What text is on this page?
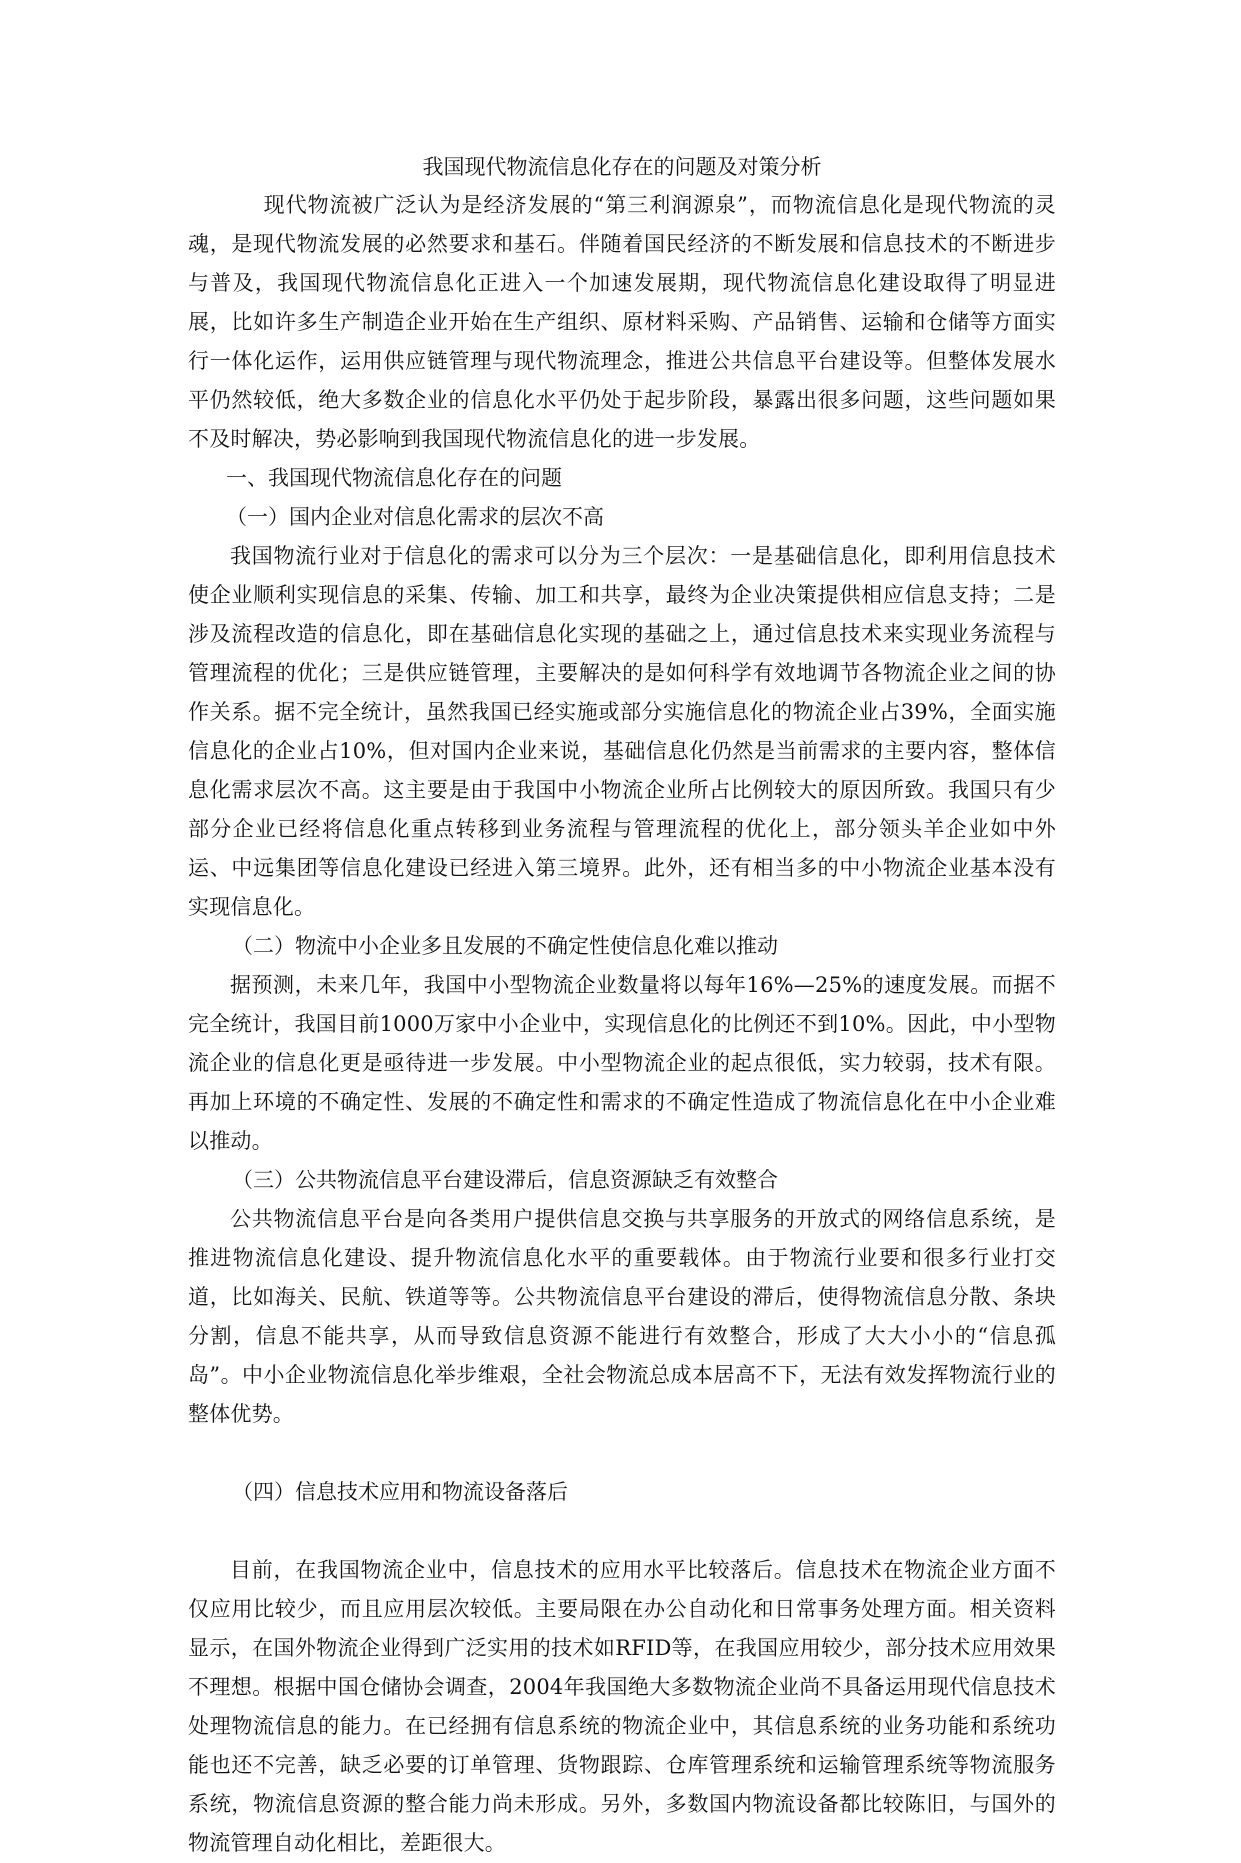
我国现代物流信息化存在的问题及对策分析

现代物流被广泛认为是经济发展的“第三利润源泉”，而物流信息化是现代物流的灵魂，是现代物流发展的必然要求和基石。伴随着国民经济的不断发展和信息技术的不断进步与普及，我国现代物流信息化正进入一个加速发展期，现代物流信息化建设取得了明显进展，比如许多生产制造企业开始在生产组织、原材料采购、产品销售、运输和仓储等方面实行一体化运作，运用供应链管理与现代物流理念，推进公共信息平台建设等。但整体发展水平仍然较低，绝大多数企业的信息化水平仍处于起步阶段，暴露出很多问题，这些问题如果不及时解决，势必影响到我国现代物流信息化的进一步发展。

一、我国现代物流信息化存在的问题

（一）国内企业对信息化需求的层次不高

我国物流行业对于信息化的需求可以分为三个层次：一是基础信息化，即利用信息技术使企业顺利实现信息的采集、传输、加工和共享，最终为企业决策提供相应信息支持；二是涉及流程改造的信息化，即在基础信息化实现的基础之上，通过信息技术来实现业务流程与管理流程的优化；三是供应链管理，主要解决的是如何科学有效地调节各物流企业之间的协作关系。据不完全统计，虽然我国已经实施或部分实施信息化的物流企业占39%，全面实施信息化的企业占10%，但对国内企业来说，基础信息化仍然是当前需求的主要内容，整体信息化需求层次不高。这主要是由于我国中小物流企业所占比例较大的原因所致。我国只有少部分企业已经将信息化重点转移到业务流程与管理流程的优化上，部分领头羊企业如中外运、中远集团等信息化建设已经进入第三境界。此外，还有相当多的中小物流企业基本没有实现信息化。

（二）物流中小企业多且发展的不确定性使信息化难以推动

据预测，未来几年，我国中小型物流企业数量将以每年16%—25%的速度发展。而据不完全统计，我国目前1000万家中小企业中，实现信息化的比例还不到10%。因此，中小型物流企业的信息化更是亟待进一步发展。中小型物流企业的起点很低，实力较弱，技术有限。再加上环境的不确定性、发展的不确定性和需求的不确定性造成了物流信息化在中小企业难以推动。

（三）公共物流信息平台建设滞后，信息资源缺乏有效整合

公共物流信息平台是向各类用户提供信息交换与共享服务的开放式的网络信息系统，是推进物流信息化建设、提升物流信息化水平的重要载体。由于物流行业要和很多行业打交道，比如海关、民航、铁道等等。公共物流信息平台建设的滞后，使得物流信息分散、条块分割，信息不能共享，从而导致信息资源不能进行有效整合，形成了大大小小的“信息孤岛”。中小企业物流信息化举步维艰，全社会物流总成本居高不下，无法有效发挥物流行业的整体优势。

（四）信息技术应用和物流设备落后

目前，在我国物流企业中，信息技术的应用水平比较落后。信息技术在物流企业方面不仅应用比较少，而且应用层次较低。主要局限在办公自动化和日常事务处理方面。相关资料显示，在国外物流企业得到广泛实用的技术如RFID等，在我国应用较少，部分技术应用效果不理想。根据中国仓储协会调查，2004年我国绝大多数物流企业尚不具备运用现代信息技术处理物流信息的能力。在已经拥有信息系统的物流企业中，其信息系统的业务功能和系统功能也还不完善，缺乏必要的订单管理、货物跟踪、仓库管理系统和运输管理系统等物流服务系统，物流信息资源的整合能力尚未形成。另外，多数国内物流设备都比较陈旧，与国外的物流管理自动化相比，差距很大。
